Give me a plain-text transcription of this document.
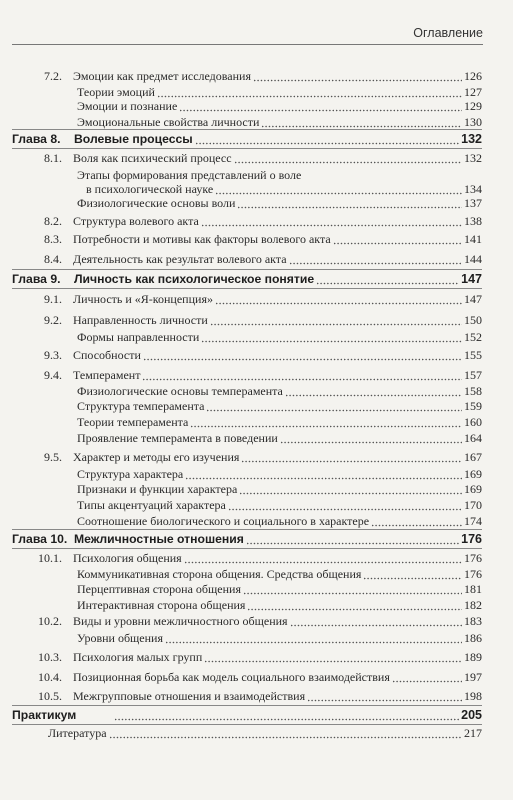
Оглавление
7.2. Эмоции как предмет исследования	126
Теории эмоций	127
Эмоции и познание	129
Эмоциональные свойства личности	130
Глава 8.	Волевые процессы	132
8.1. Воля как психический процесс	132
Этапы формирования представлений о воле
в психологической науке	134
Физиологические основы воли	137
8.2. Структура волевого акта	138
8.3. Потребности и мотивы как факторы волевого акта	141
8.4. Деятельность как результат волевого акта	144
Глава 9.	Личность как психологическое понятие	147
9.1. Личность и «Я-концепция»	147
9.2. Направленность личности	150
Формы направленности	152
9.3. Способности	155
9.4. Темперамент	157
Физиологические основы темперамента	158
Структура темперамента	159
Теории темперамента	160
Проявление темперамента в поведении	164
9.5. Характер и методы его изучения	167
Структура характера	169
Признаки и функции характера	169
Типы акцентуаций характера	170
Соотношение биологического и социального в характере	174
Глава 10. Межличностные отношения	176
10.1. Психология общения	176
Коммуникативная сторона общения. Средства общения	176
Перцептивная сторона общения	181
Интерактивная сторона общения	182
10.2. Виды и уровни межличностного общения	183
Уровни общения	186
10.3. Психология малых групп	189
10.4. Позиционная борьба как модель социального взаимодействия	197
10.5. Межгрупповые отношения и взаимодействия	198
Практикум	205
Литература	217
